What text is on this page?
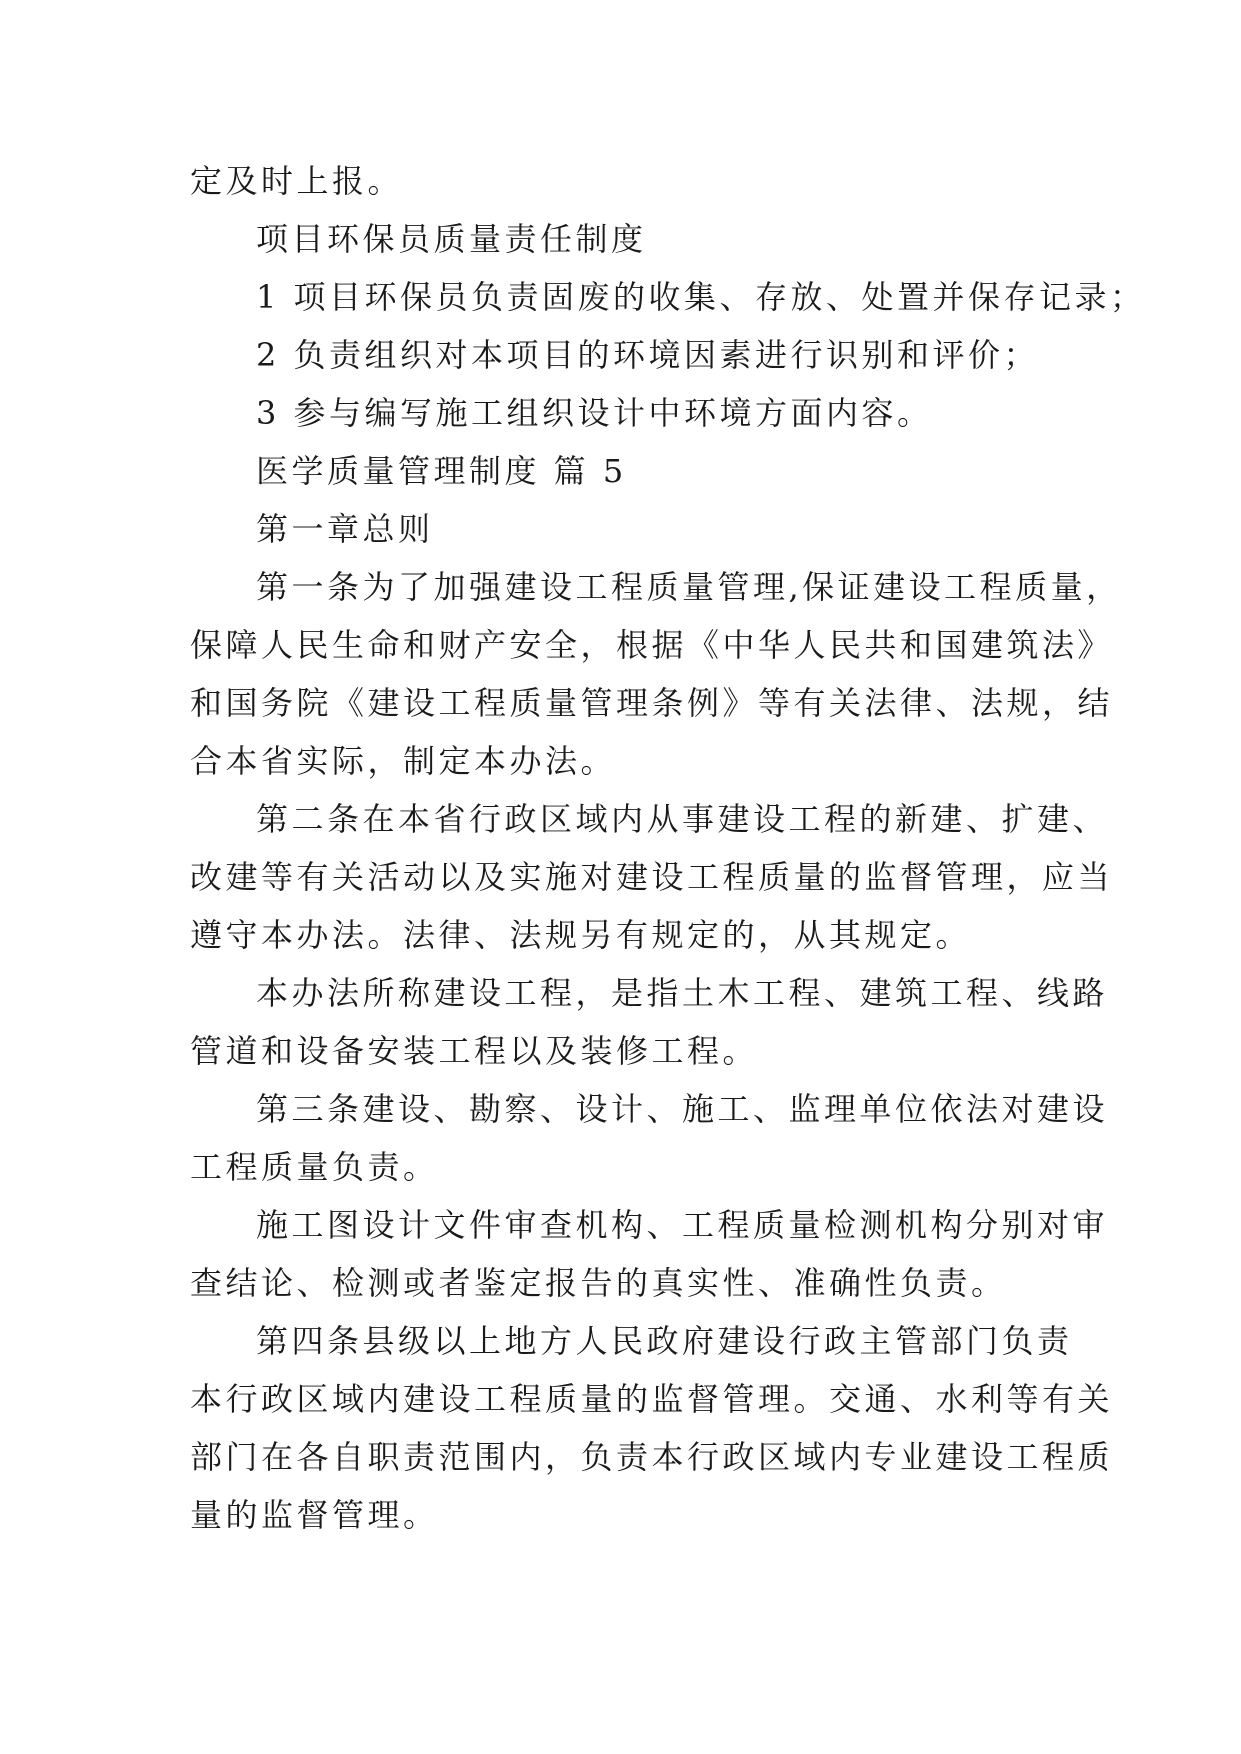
定及时上报。
项目环保员质量责任制度
1 项目环保员负责固废的收集、存放、处置并保存记录；
2 负责组织对本项目的环境因素进行识别和评价；
3 参与编写施工组织设计中环境方面内容。
医学质量管理制度 篇 5
第一章总则
第一条为了加强建设工程质量管理,保证建设工程质量，
保障人民生命和财产安全，根据《中华人民共和国建筑法》
和国务院《建设工程质量管理条例》等有关法律、法规，结
合本省实际，制定本办法。
第二条在本省行政区域内从事建设工程的新建、扩建、
改建等有关活动以及实施对建设工程质量的监督管理，应当
遵守本办法。法律、法规另有规定的，从其规定。
本办法所称建设工程，是指土木工程、建筑工程、线路
管道和设备安装工程以及装修工程。
第三条建设、勘察、设计、施工、监理单位依法对建设
工程质量负责。
施工图设计文件审查机构、工程质量检测机构分别对审
查结论、检测或者鉴定报告的真实性、准确性负责。
第四条县级以上地方人民政府建设行政主管部门负责
本行政区域内建设工程质量的监督管理。交通、水利等有关
部门在各自职责范围内，负责本行政区域内专业建设工程质
量的监督管理。
